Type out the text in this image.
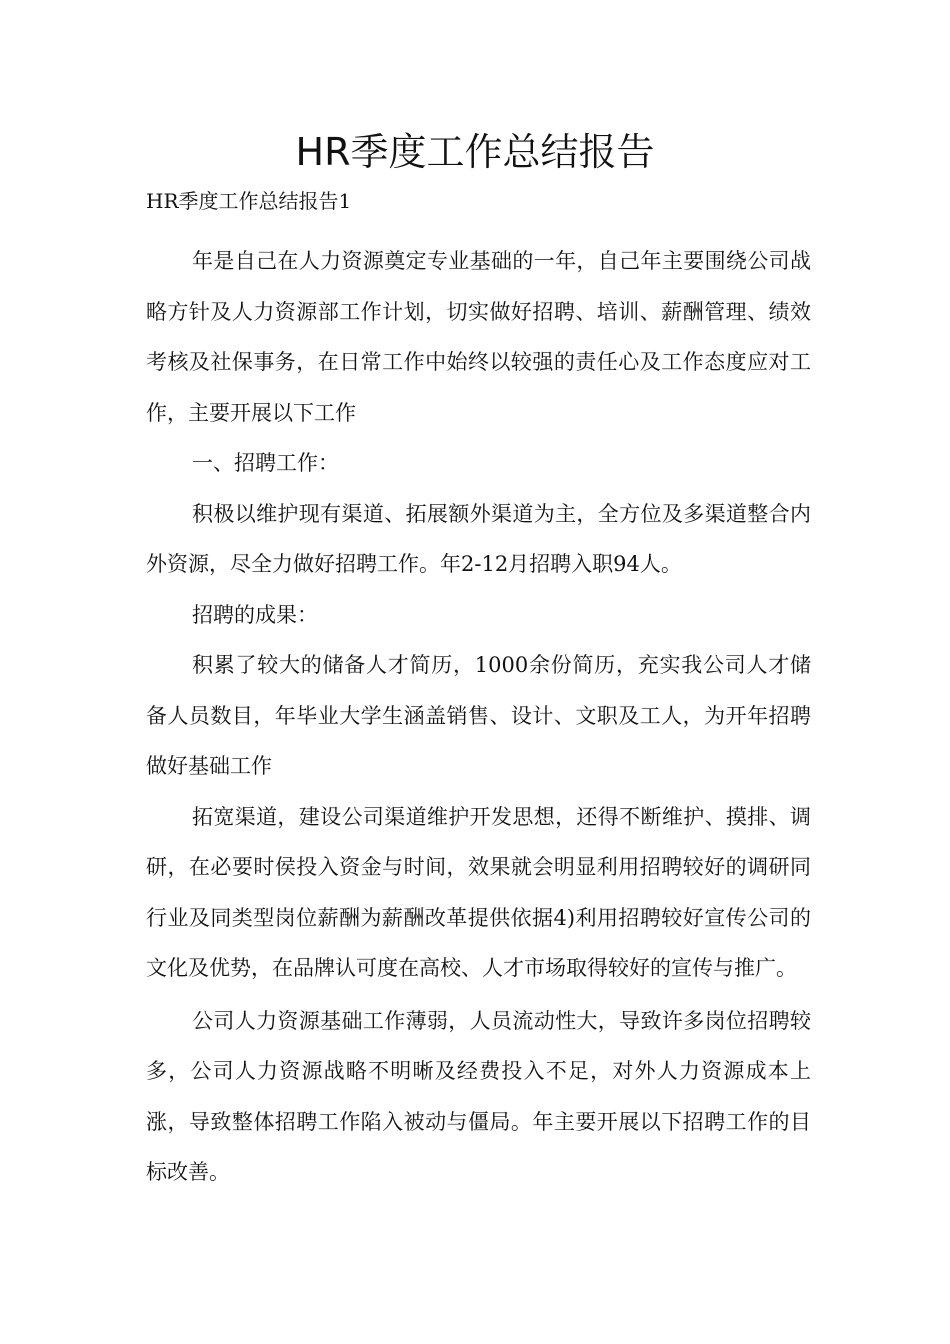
HR季度工作总结报告

HR季度工作总结报告1

年是自己在人力资源奠定专业基础的一年，自己年主要围绕公司战略方针及人力资源部工作计划，切实做好招聘、培训、薪酬管理、绩效考核及社保事务，在日常工作中始终以较强的责任心及工作态度应对工作，主要开展以下工作

一、招聘工作：

积极以维护现有渠道、拓展额外渠道为主，全方位及多渠道整合内外资源，尽全力做好招聘工作。年2-12月招聘入职94人。

招聘的成果：

积累了较大的储备人才简历，1000余份简历，充实我公司人才储备人员数目，年毕业大学生涵盖销售、设计、文职及工人，为开年招聘做好基础工作

拓宽渠道，建设公司渠道维护开发思想，还得不断维护、摸排、调研，在必要时侯投入资金与时间，效果就会明显利用招聘较好的调研同行业及同类型岗位薪酬为薪酬改革提供依据4)利用招聘较好宣传公司的文化及优势，在品牌认可度在高校、人才市场取得较好的宣传与推广。

公司人力资源基础工作薄弱，人员流动性大，导致许多岗位招聘较多，公司人力资源战略不明晰及经费投入不足，对外人力资源成本上涨，导致整体招聘工作陷入被动与僵局。年主要开展以下招聘工作的目标改善。
